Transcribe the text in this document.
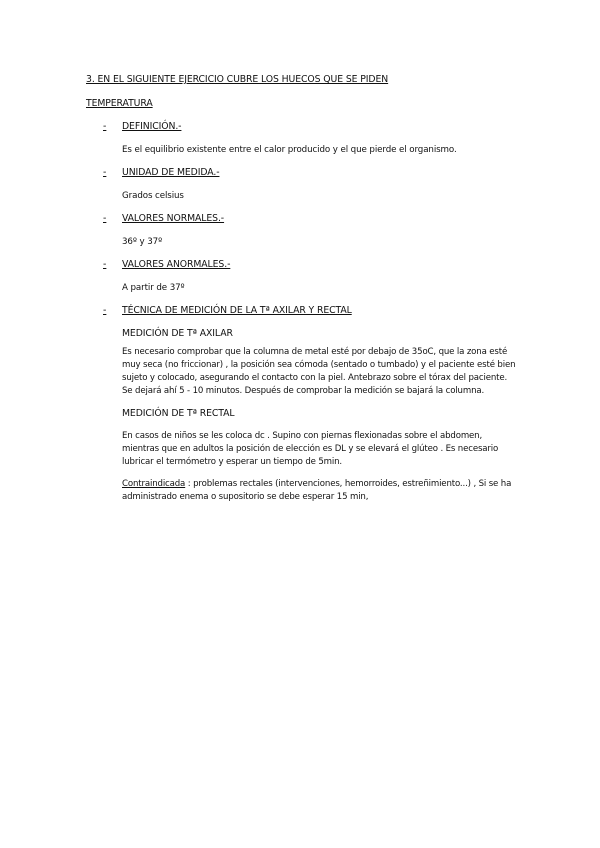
3. EN EL SIGUIENTE EJERCICIO CUBRE LOS HUECOS QUE SE PIDEN
TEMPERATURA
- DEFINICIÓN.-
Es el equilibrio existente entre el calor producido y el que pierde el organismo.
- UNIDAD DE MEDIDA.-
Grados celsius
- VALORES NORMALES.-
36º y 37º
- VALORES ANORMALES.-
A partir de 37º
- TÉCNICA DE MEDICIÓN DE LA Tª AXILAR Y RECTAL
MEDICIÓN DE Tª AXILAR
Es necesario comprobar que la columna de metal esté por debajo de 35oC, que la zona esté
muy seca (no friccionar) , la posición sea cómoda (sentado o tumbado) y el paciente esté bien
sujeto y colocado, asegurando el contacto con la piel. Antebrazo sobre el tórax del paciente.
Se dejará ahí 5 - 10 minutos. Después de comprobar la medición se bajará la columna.
MEDICIÓN DE Tª RECTAL
En casos de niños se les coloca dc . Supino con piernas flexionadas sobre el abdomen,
mientras que en adultos la posición de elección es DL y se elevará el glúteo . Es necesario
lubricar el termómetro y esperar un tiempo de 5min.
Contraindicada : problemas rectales (intervenciones, hemorroides, estreñimiento...) , Si se ha
administrado enema o supositorio se debe esperar 15 min,
